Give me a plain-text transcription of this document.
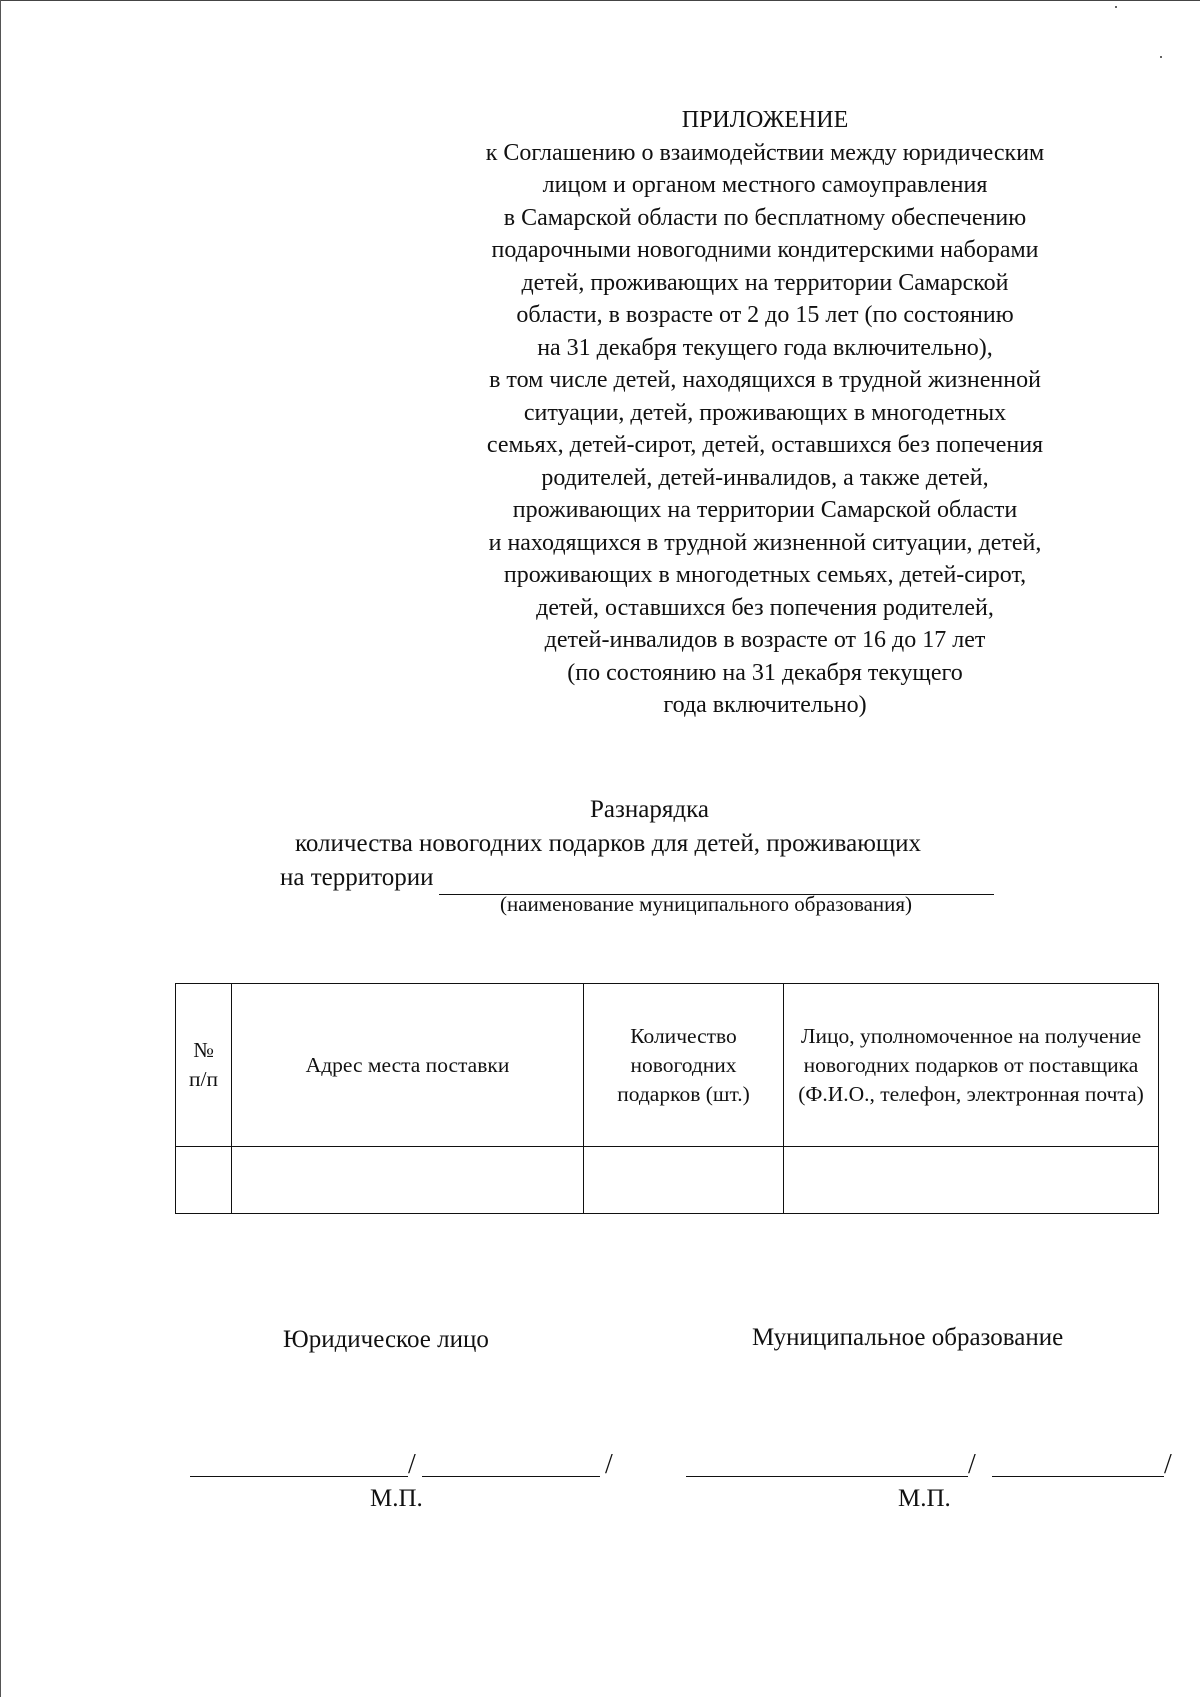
ПРИЛОЖЕНИЕ
к Соглашению о взаимодействии между юридическим
лицом и органом местного самоуправления
в Самарской области по бесплатному обеспечению
подарочными новогодними кондитерскими наборами
детей, проживающих на территории Самарской
области, в возрасте от 2 до 15 лет (по состоянию
на 31 декабря текущего года включительно),
в том числе детей, находящихся в трудной жизненной
ситуации, детей, проживающих в многодетных
семьях, детей-сирот, детей, оставшихся без попечения
родителей, детей-инвалидов, а также детей,
проживающих на территории Самарской области
и находящихся в трудной жизненной ситуации, детей,
проживающих в многодетных семьях, детей-сирот,
детей, оставшихся без попечения родителей,
детей-инвалидов в возрасте от 16 до 17 лет
(по состоянию на 31 декабря текущего
года включительно)
Разнарядка
количества новогодних подарков для детей, проживающих
на территории
(наименование муниципального образования)
№ п/п	Адрес места поставки	Количество новогодних подарков (шт.)	Лицо, уполномоченное на получение новогодних подарков от поставщика (Ф.И.О., телефон, электронная почта)

Юридическое лицо	Муниципальное образование
/	/	/	/
М.П.	М.П.
